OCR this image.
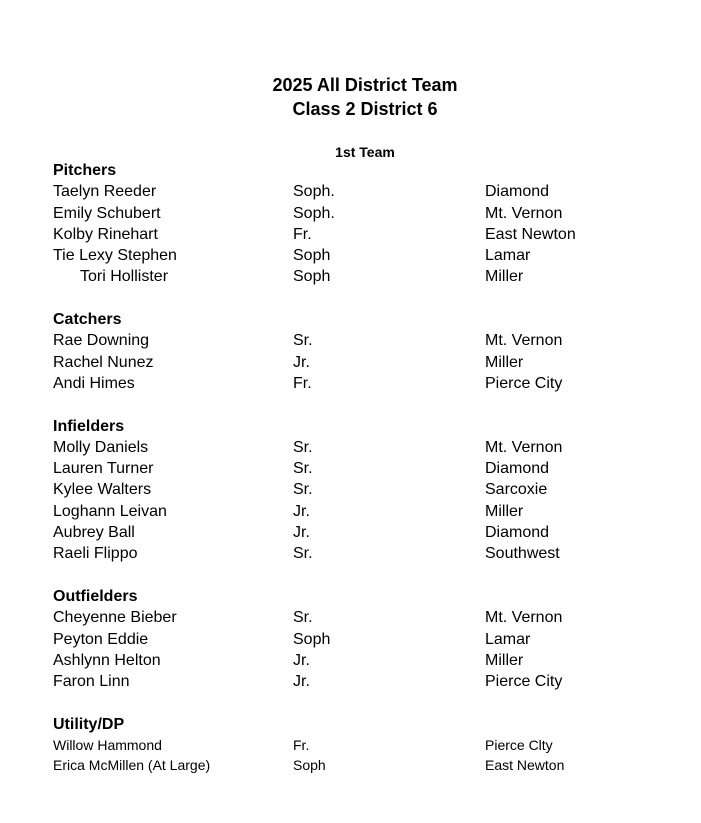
2025 All District Team
Class 2 District 6
1st Team
Pitchers
Taelyn Reeder	Soph.	Diamond
Emily Schubert	Soph.	Mt. Vernon
Kolby Rinehart	Fr.	East Newton
Tie Lexy Stephen	Soph	Lamar
Tori Hollister	Soph	Miller
Catchers
Rae Downing	Sr.	Mt. Vernon
Rachel Nunez	Jr.	Miller
Andi Himes	Fr.	Pierce City
Infielders
Molly Daniels	Sr.	Mt. Vernon
Lauren Turner	Sr.	Diamond
Kylee Walters	Sr.	Sarcoxie
Loghann Leivan	Jr.	Miller
Aubrey Ball	Jr.	Diamond
Raeli Flippo	Sr.	Southwest
Outfielders
Cheyenne Bieber	Sr.	Mt. Vernon
Peyton Eddie	Soph	Lamar
Ashlynn Helton	Jr.	Miller
Faron Linn	Jr.	Pierce City
Utility/DP
Willow Hammond	Fr.	Pierce Clty
Erica McMillen (At Large)	Soph	East Newton
